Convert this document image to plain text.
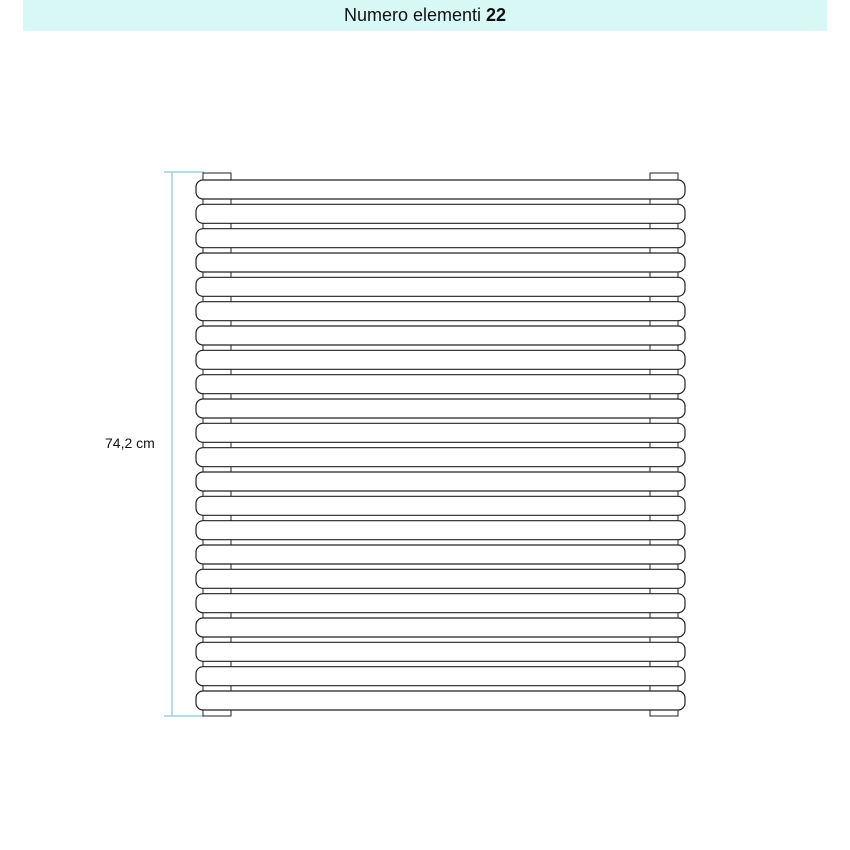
Numero elementi 22
74,2 cm
